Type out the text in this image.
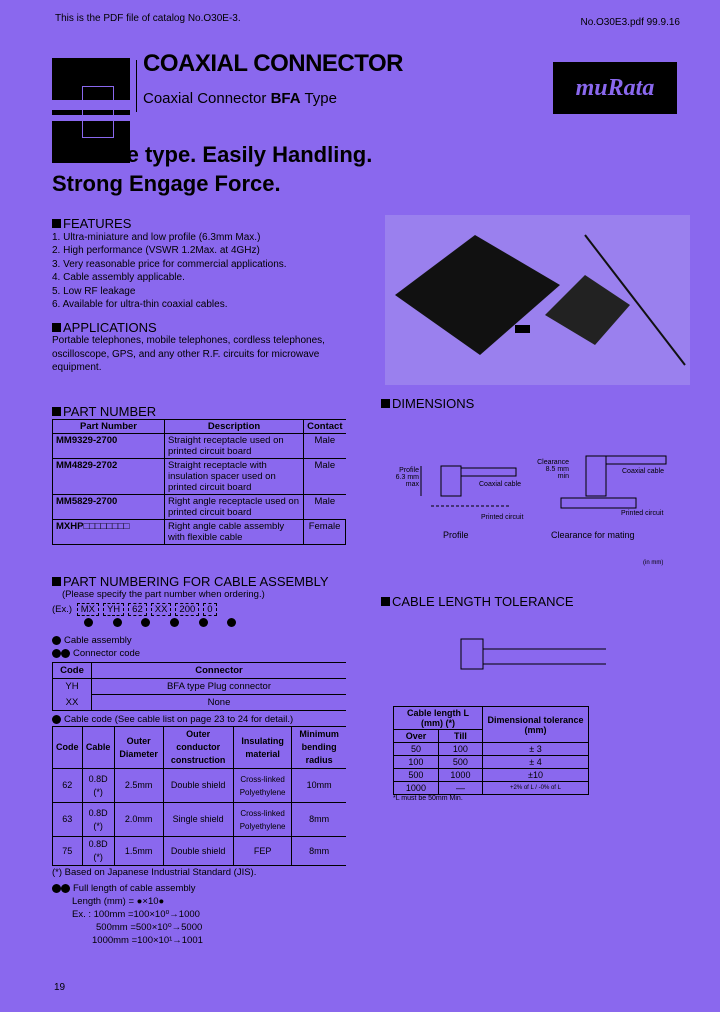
This is the PDF file of catalog No.O30E-3.	No.O30E3.pdf 99.9.16
COAXIAL CONNECTOR
Coaxial Connector BFA Type	muRata
Discrete type. Easily Handling.
Strong Engage Force.
FEATURES
1. Ultra-miniature and low profile (6.3mm Max.)
2. High performance (VSWR 1.2Max. at 4GHz)
3. Very reasonable price for commercial applications.
4. Cable assembly applicable.
5. Low RF leakage
6. Available for ultra-thin coaxial cables.
APPLICATIONS
Portable telephones, mobile telephones, cordless telephones, oscilloscope, GPS, and any other R.F. circuits for microwave equipment.
PART NUMBER
Part Number	Description	Contact
MM9329-2700	Straight receptacle used on printed circuit board	Male
MM4829-2702	Straight receptacle with insulation spacer used on printed circuit board	Male
MM5829-2700	Right angle receptacle used on printed circuit board	Male
MXHP□□□□□□□□	Right angle cable assembly with flexible cable	Female
PART NUMBERING FOR CABLE ASSEMBLY
(Please specify the part number when ordering.)
(Ex.) MX YH 62 XX 200 0

Cable assembly
Connector code
Code	Connector
YH	BFA type Plug connector
XX	None
Cable code (See cable list on page 23 to 24 for detail.)
Code	Cable	Outer Diameter	Outer conductor construction	Insulating material	Minimum bending radius
62	0.8D (*)	2.5mm	Double shield	Cross-linked Polyethylene	10mm
63	0.8D (*)	2.0mm	Single shield	Cross-linked Polyethylene	8mm
75	0.8D (*)	1.5mm	Double shield	FEP	8mm
(*) Based on Japanese Industrial Standard (JIS).
Full length of cable assembly
Length (mm) = ●×10●
Ex. : 100mm =100×10⁰→1000
500mm =500×10⁰→5000
1000mm =100×10¹→1001
19
DIMENSIONS
Profile 6.3 mm max	Coaxial cable
Printed circuit
Clearance 8.5 mm min
Coaxial cable
Printed circuit
Profile	Clearance for mating
(in mm)
CABLE LENGTH TOLERANCE
Cable length L (mm) (*)		Dimensional tolerance (mm)
Over	Till	
50	100	± 3
100	500	± 4
500	1000	±10
1000	—	+2% of L / -0% of L
*L must be 50mm Min.
